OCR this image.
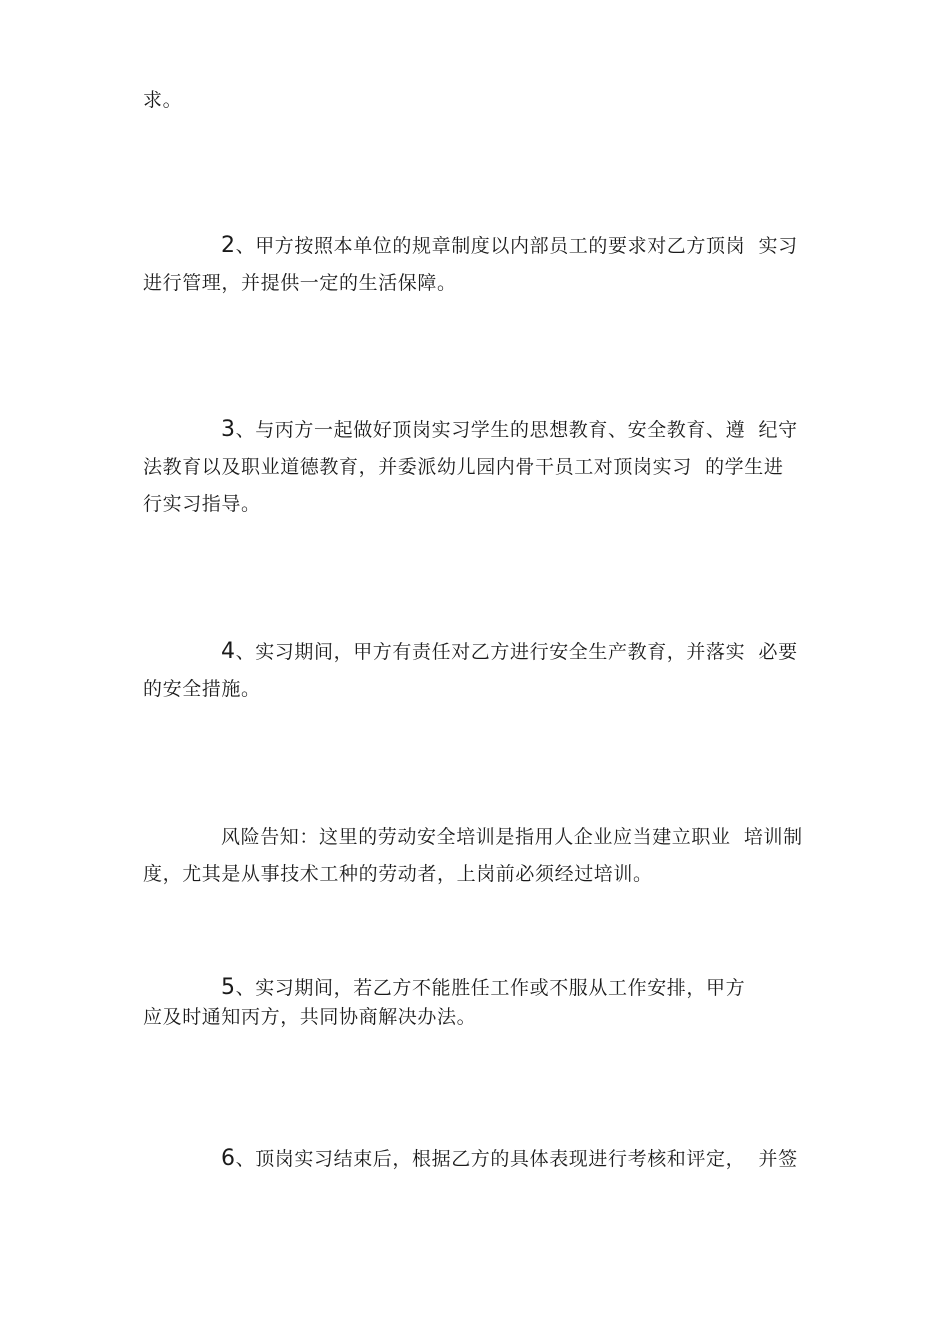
求。
2、甲方按照本单位的规章制度以内部员工的要求对乙方顶岗  实习
进行管理，并提供一定的生活保障。
3、与丙方一起做好顶岗实习学生的思想教育、安全教育、遵  纪守
法教育以及职业道德教育，并委派幼儿园内骨干员工对顶岗实习  的学生进
行实习指导。
4、实习期间，甲方有责任对乙方进行安全生产教育，并落实  必要
的安全措施。
风险告知：这里的劳动安全培训是指用人企业应当建立职业  培训制
度，尤其是从事技术工种的劳动者，上岗前必须经过培训。
5、实习期间，若乙方不能胜任工作或不服从工作安排，甲方
应及时通知丙方，共同协商解决办法。
6、顶岗实习结束后，根据乙方的具体表现进行考核和评定，  并签
